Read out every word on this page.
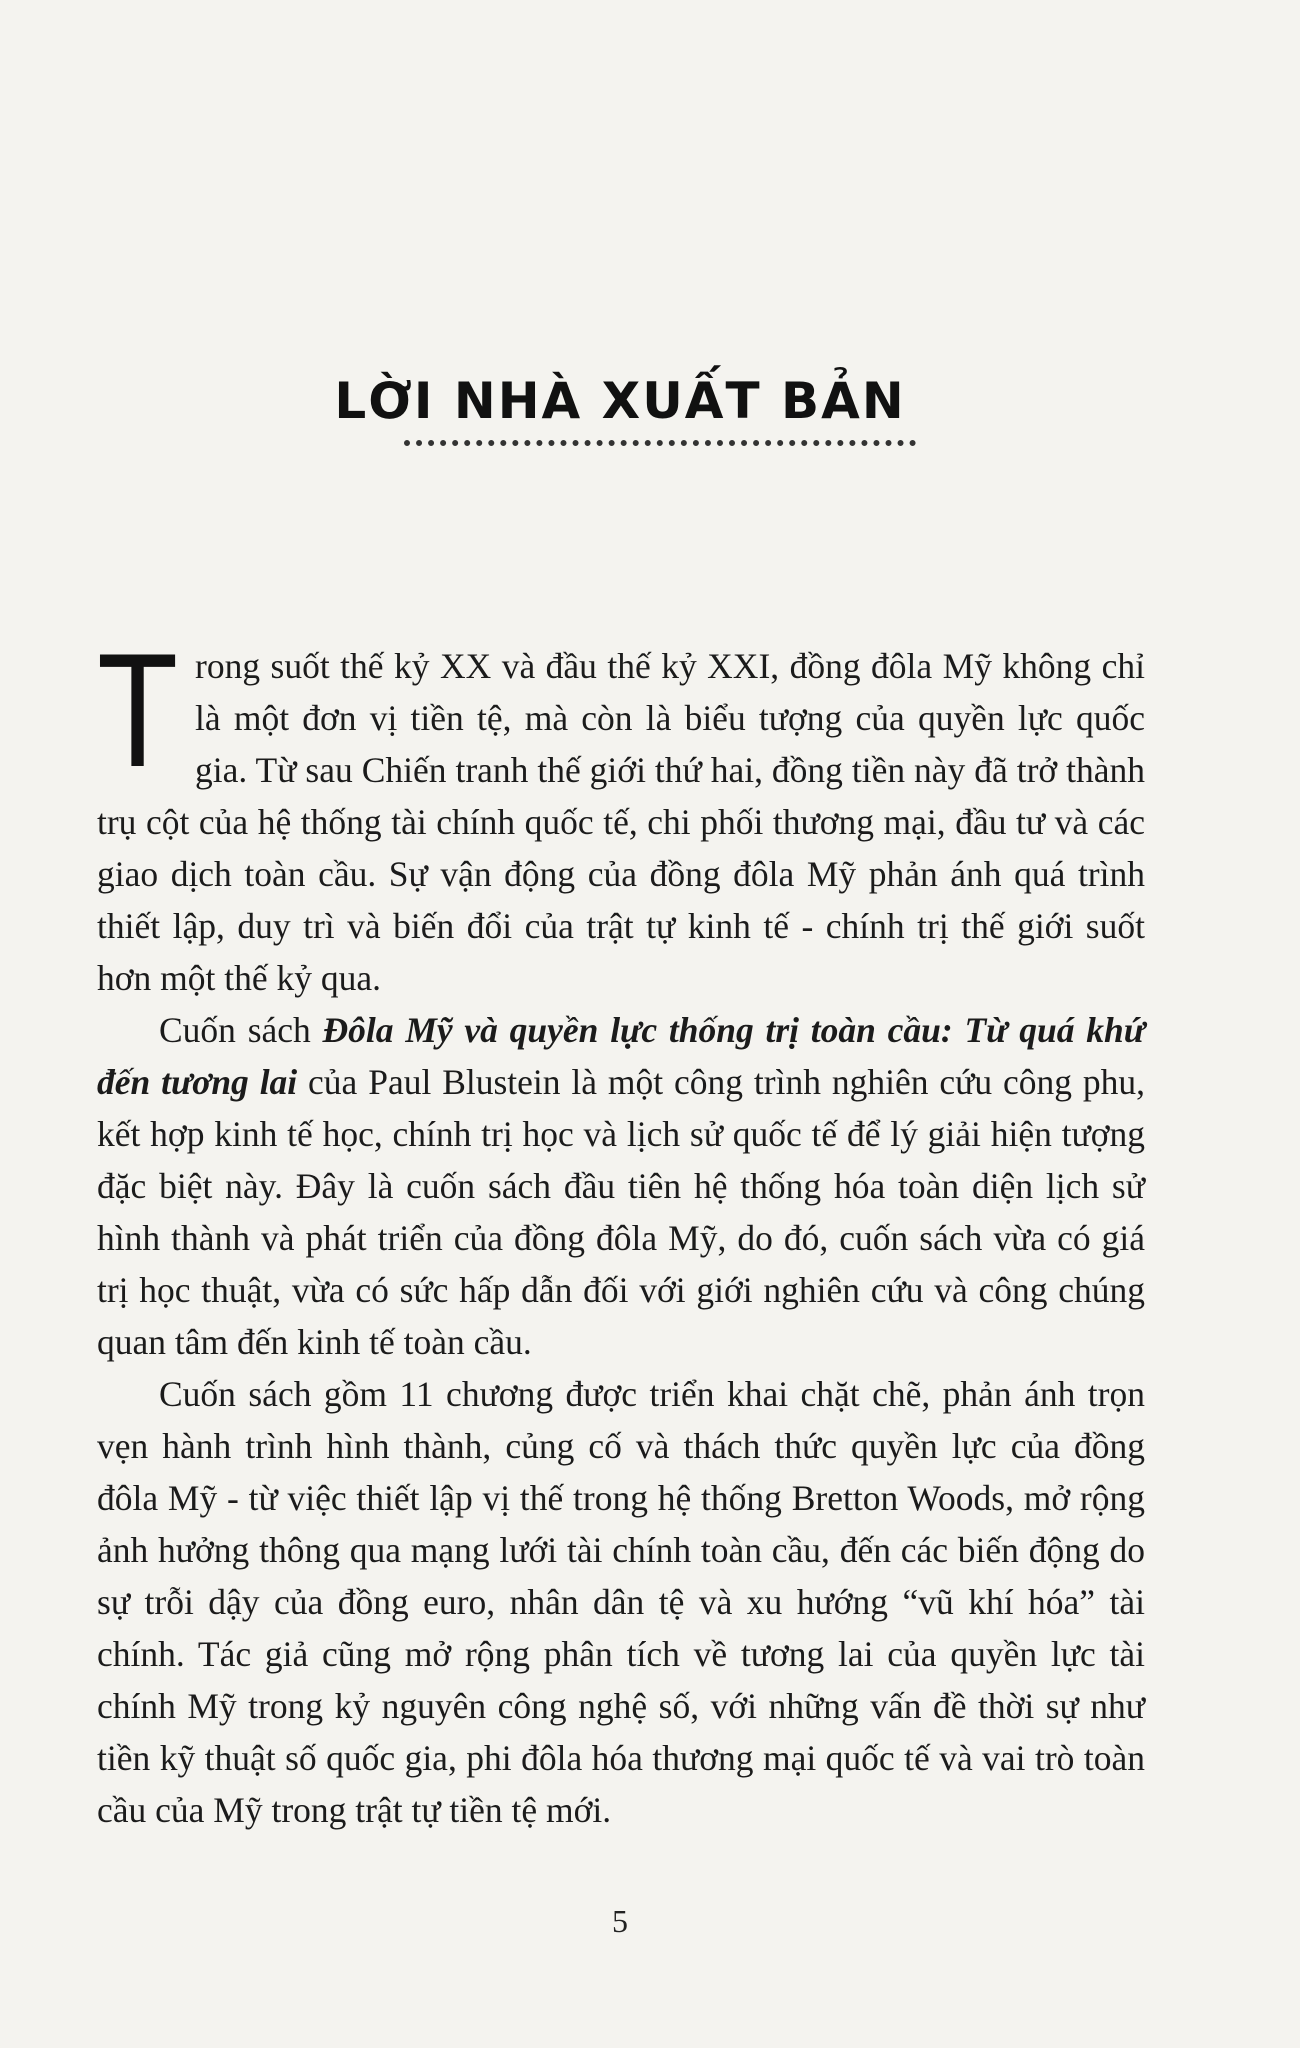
LỜI NHÀ XUẤT BẢN

Trong suốt thế kỷ XX và đầu thế kỷ XXI, đồng đôla Mỹ không chỉ là một đơn vị tiền tệ, mà còn là biểu tượng của quyền lực quốc gia. Từ sau Chiến tranh thế giới thứ hai, đồng tiền này đã trở thành trụ cột của hệ thống tài chính quốc tế, chi phối thương mại, đầu tư và các giao dịch toàn cầu. Sự vận động của đồng đôla Mỹ phản ánh quá trình thiết lập, duy trì và biến đổi của trật tự kinh tế - chính trị thế giới suốt hơn một thế kỷ qua.

Cuốn sách Đôla Mỹ và quyền lực thống trị toàn cầu: Từ quá khứ đến tương lai của Paul Blustein là một công trình nghiên cứu công phu, kết hợp kinh tế học, chính trị học và lịch sử quốc tế để lý giải hiện tượng đặc biệt này. Đây là cuốn sách đầu tiên hệ thống hóa toàn diện lịch sử hình thành và phát triển của đồng đôla Mỹ, do đó, cuốn sách vừa có giá trị học thuật, vừa có sức hấp dẫn đối với giới nghiên cứu và công chúng quan tâm đến kinh tế toàn cầu.

Cuốn sách gồm 11 chương được triển khai chặt chẽ, phản ánh trọn vẹn hành trình hình thành, củng cố và thách thức quyền lực của đồng đôla Mỹ - từ việc thiết lập vị thế trong hệ thống Bretton Woods, mở rộng ảnh hưởng thông qua mạng lưới tài chính toàn cầu, đến các biến động do sự trỗi dậy của đồng euro, nhân dân tệ và xu hướng “vũ khí hóa” tài chính. Tác giả cũng mở rộng phân tích về tương lai của quyền lực tài chính Mỹ trong kỷ nguyên công nghệ số, với những vấn đề thời sự như tiền kỹ thuật số quốc gia, phi đôla hóa thương mại quốc tế và vai trò toàn cầu của Mỹ trong trật tự tiền tệ mới.

5
